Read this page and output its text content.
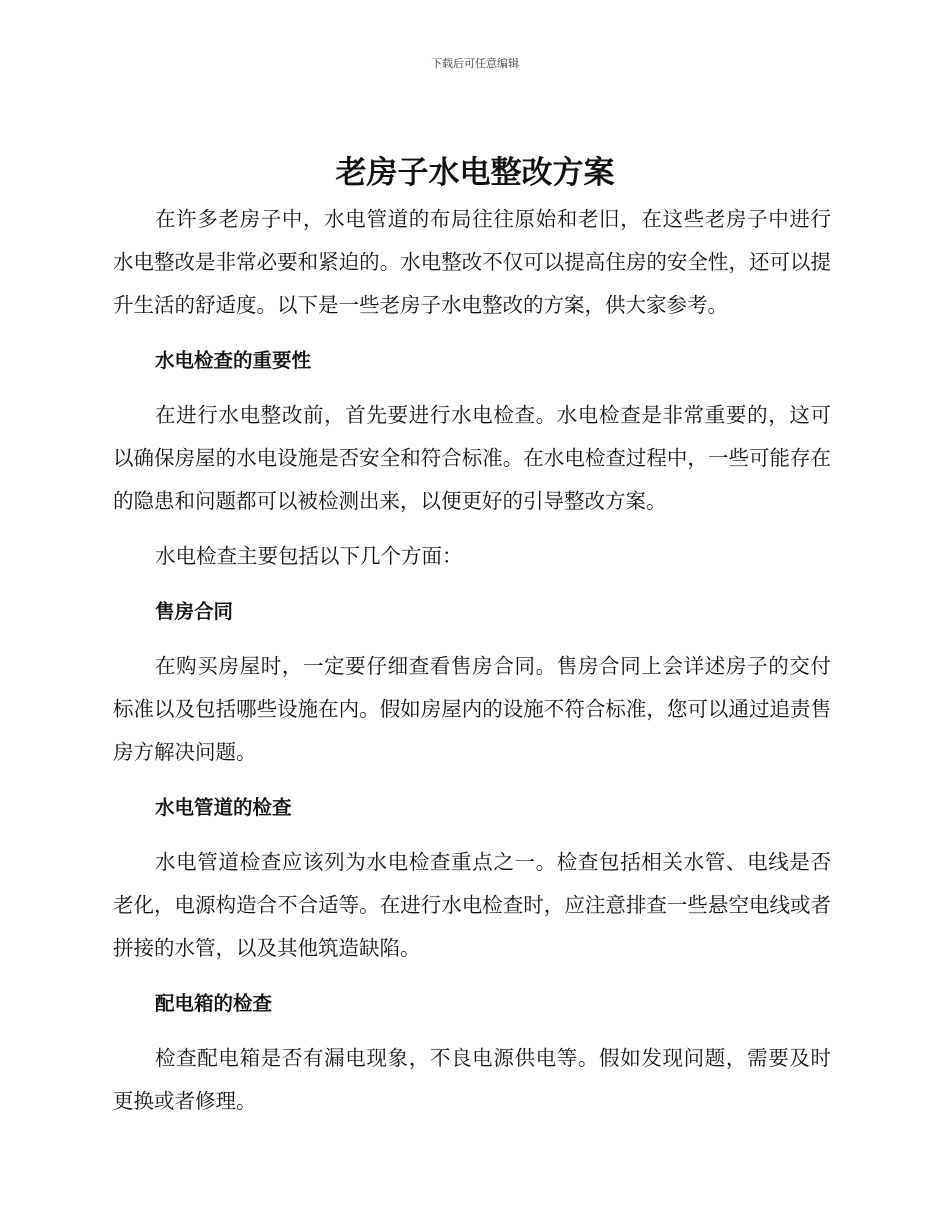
下载后可任意编辑
老房子水电整改方案

在许多老房子中，水电管道的布局往往原始和老旧，在这些老房子中进行水电整改是非常必要和紧迫的。水电整改不仅可以提高住房的安全性，还可以提升生活的舒适度。以下是一些老房子水电整改的方案，供大家参考。

水电检查的重要性

在进行水电整改前，首先要进行水电检查。水电检查是非常重要的，这可以确保房屋的水电设施是否安全和符合标准。在水电检查过程中，一些可能存在的隐患和问题都可以被检测出来，以便更好的引导整改方案。

水电检查主要包括以下几个方面：

售房合同

在购买房屋时，一定要仔细查看售房合同。售房合同上会详述房子的交付标准以及包括哪些设施在内。假如房屋内的设施不符合标准，您可以通过追责售房方解决问题。

水电管道的检查

水电管道检查应该列为水电检查重点之一。检查包括相关水管、电线是否老化，电源构造合不合适等。在进行水电检查时，应注意排查一些悬空电线或者拼接的水管，以及其他筑造缺陷。

配电箱的检查

检查配电箱是否有漏电现象，不良电源供电等。假如发现问题，需要及时更换或者修理。
